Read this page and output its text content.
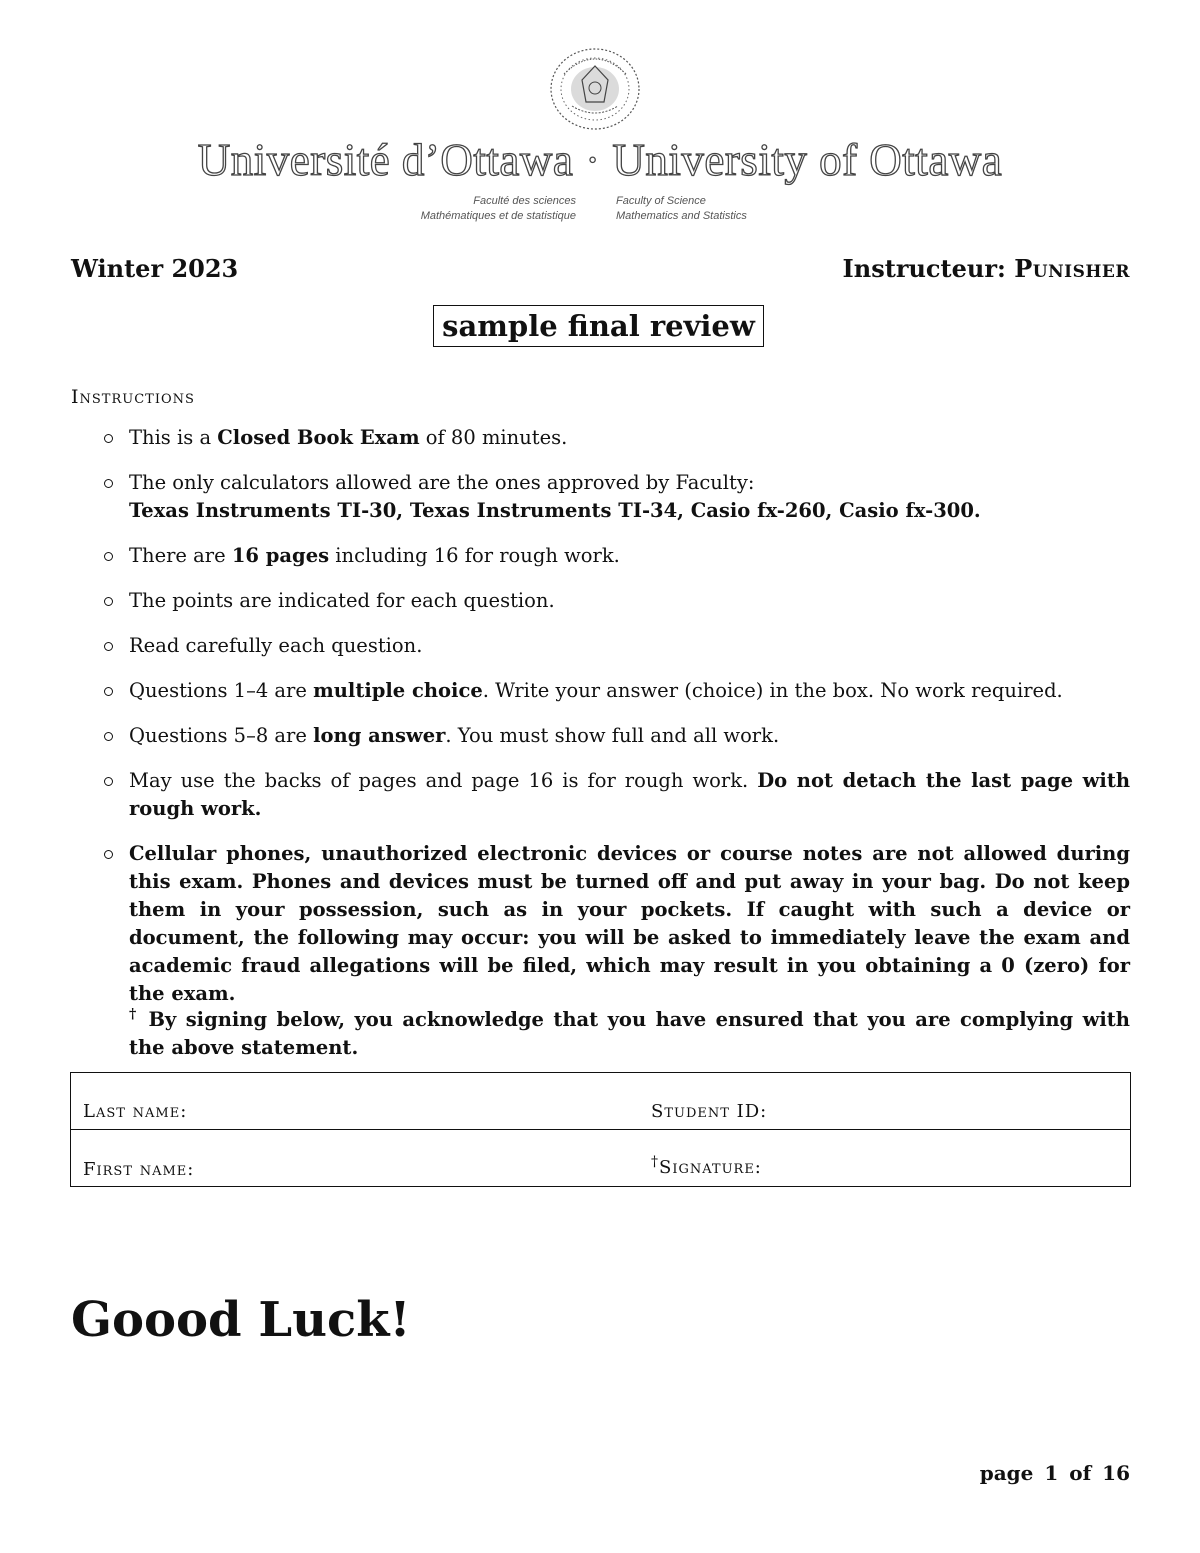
Université d’Ottawa · University of Ottawa
Faculté des sciences
Mathématiques et de statistique
Faculty of Science
Mathematics and Statistics
Winter 2023	Instructeur: Punisher
sample final review
Instructions
This is a Closed Book Exam of 80 minutes.
The only calculators allowed are the ones approved by Faculty:
Texas Instruments TI-30, Texas Instruments TI-34, Casio fx-260, Casio fx-300.
There are 16 pages including 16 for rough work.
The points are indicated for each question.
Read carefully each question.
Questions 1–4 are multiple choice. Write your answer (choice) in the box. No work required.
Questions 5–8 are long answer. You must show full and all work.
May use the backs of pages and page 16 is for rough work. Do not detach the last page with rough work.
Cellular phones, unauthorized electronic devices or course notes are not allowed during this exam. Phones and devices must be turned off and put away in your bag. Do not keep them in your possession, such as in your pockets. If caught with such a device or document, the following may occur: you will be asked to immediately leave the exam and academic fraud allegations will be filed, which may result in you obtaining a 0 (zero) for the exam.
† By signing below, you acknowledge that you have ensured that you are complying with the above statement.
Last name:	Student ID:
First name:	†Signature:
Goood Luck!
page 1 of 16
